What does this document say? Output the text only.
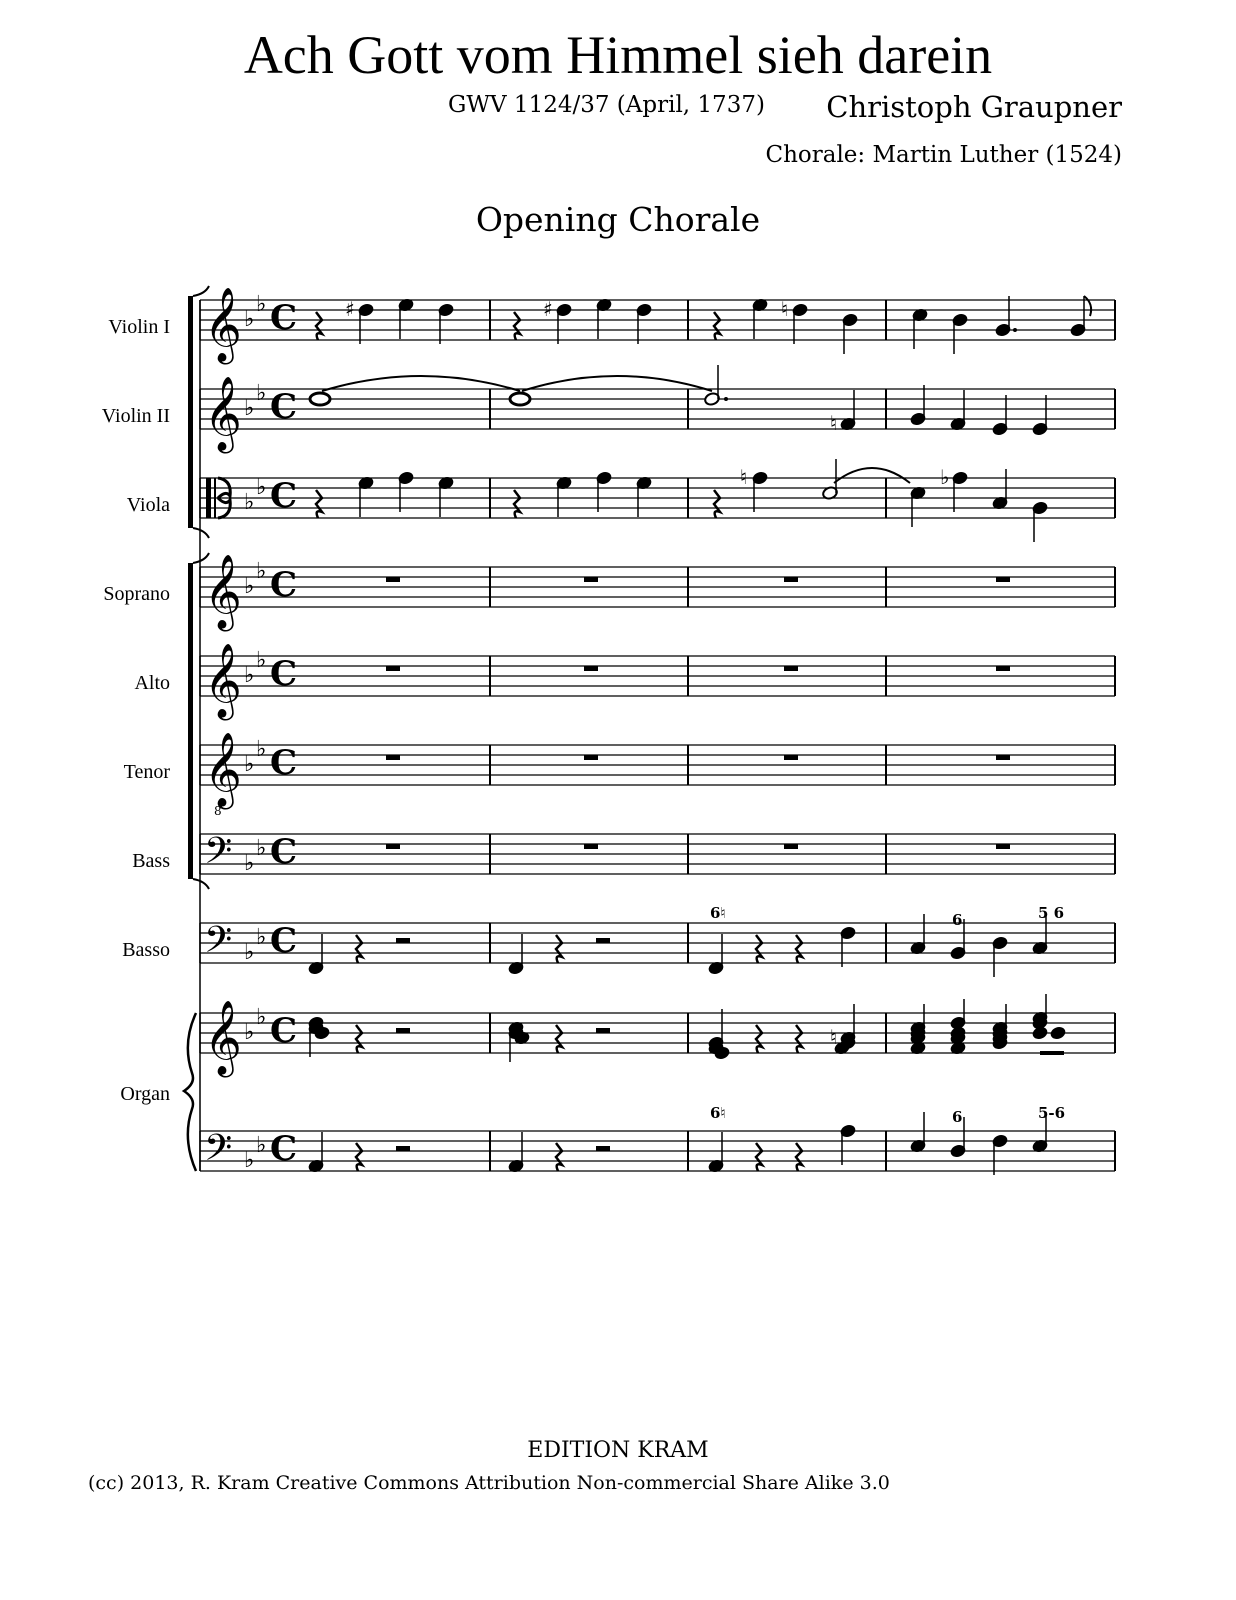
Ach Gott vom Himmel sieh darein
GWV 1124/37 (April, 1737) Christoph Graupner
Chorale: Martin Luther (1524)
Opening Chorale
Violin I
Violin II
Viola
Soprano
Alto
Tenor
Bass
Basso
Organ
𝄞 ♭
♭ C
𝄞 ♭
♭ C
♭
♭ C
𝄞 ♭
♭ C
𝄞 ♭
♭ C
𝄞
8
♭
♭ C
𝄢 ♭
♭ C
𝄢 ♭
♭ C
𝄞 ♭
♭ C
𝄢 ♭
♭ C
♯	♯	♮
♮
♮	♭
♮
6♮	6	5 6
6♮	6	5-6
EDITION KRAM
(cc) 2013, R. Kram Creative Commons Attribution Non-commercial Share Alike 3.0
